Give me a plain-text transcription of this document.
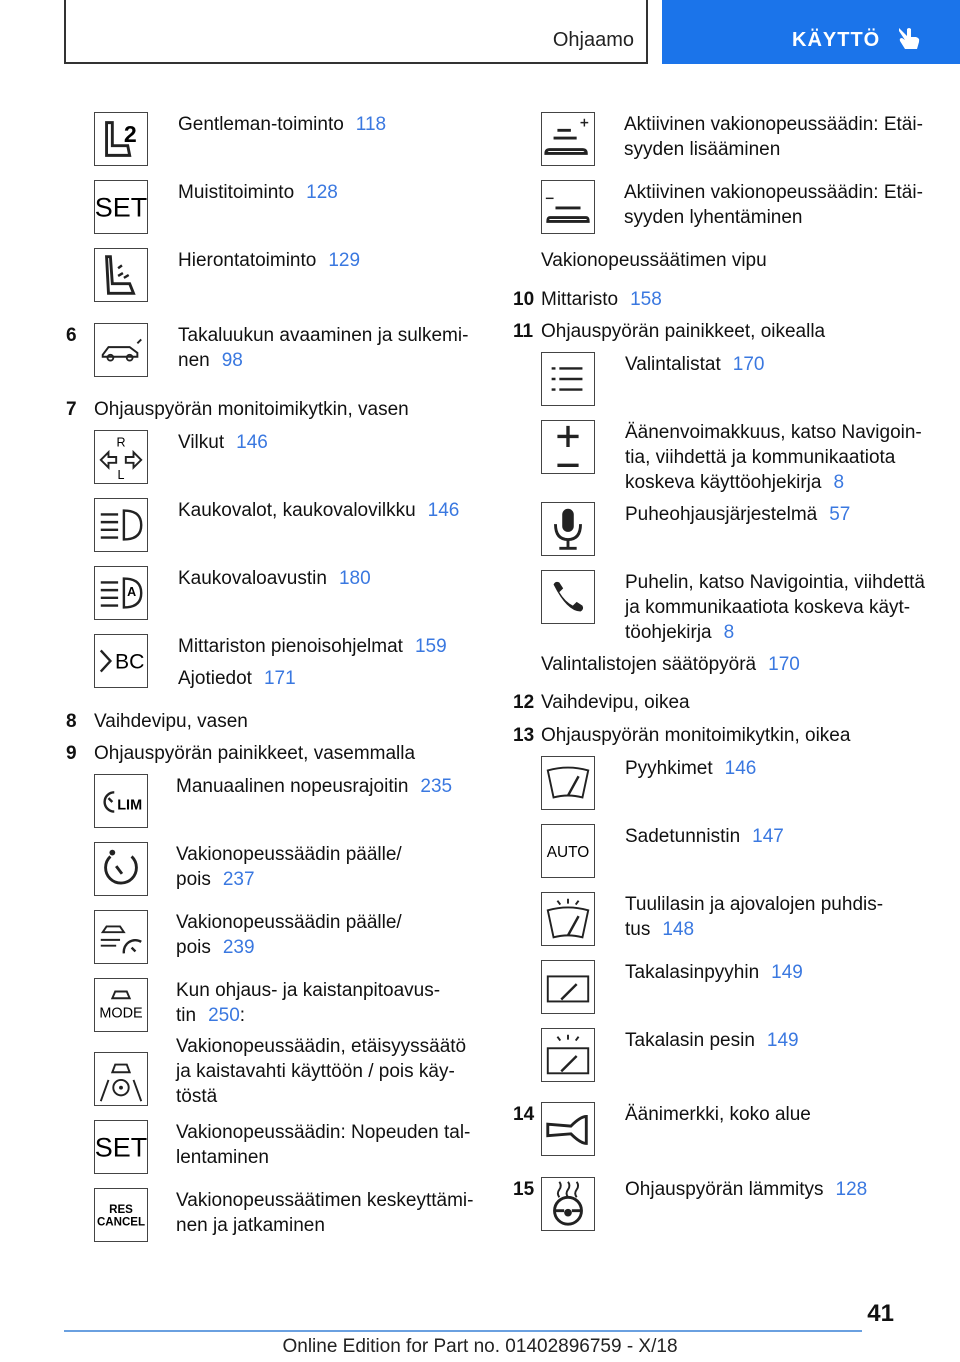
Ohjaamo	KÄYTTÖ
2 Gentleman-toiminto 118
SET
Muistitoiminto 128
Hierontatoiminto 129
6	Takaluukun avaaminen ja sulkemi-
nen 98
7 Ohjauspyörän monitoimikytkin, vasen
R
L
Vilkut 146
Kaukovalot, kaukovalovilkku 146
A
Kaukovaloavustin 180
BC
Mittariston pienoisohjelmat 159
Ajotiedot 171
8 Vaihdevipu, vasen
9 Ohjauspyörän painikkeet, vasemmalla
LIM
Manuaalinen nopeusrajoitin 235
Vakionopeussäädin päälle/
pois 237
Vakionopeussäädin päälle/
pois 239
MODE
Kun ohjaus- ja kaistanpitoavus-
tin 250:
Vakionopeussäädin, etäisyyssäätö
ja kaistavahti käyttöön / pois käy-
töstä
SET
Vakionopeussäädin: Nopeuden tal-
lentaminen
RES
CANCEL
Vakionopeussäätimen keskeyttämi-
nen ja jatkaminen
Aktiivinen vakionopeussäädin: Etäi-
syyden lisääminen
Aktiivinen vakionopeussäädin: Etäi-
syyden lyhentäminen
Vakionopeussäätimen vipu
10 Mittaristo 158
11 Ohjauspyörän painikkeet, oikealla
Valintalistat 170
Äänenvoimakkuus, katso Navigoin-
tia, viihdettä ja kommunikaatiota
koskeva käyttöohjekirja 8
Puheohjausjärjestelmä 57
Puhelin, katso Navigointia, viihdettä
ja kommunikaatiota koskeva käyt-
töohjekirja 8
Valintalistojen säätöpyörä 170
12 Vaihdevipu, oikea
13 Ohjauspyörän monitoimikytkin, oikea
Pyyhkimet 146
AUTO
Sadetunnistin 147
Tuulilasin ja ajovalojen puhdis-
tus 148
Takalasinpyyhin 149
Takalasin pesin 149
14	Äänimerkki, koko alue
15	Ohjauspyörän lämmitys 128
41
Online Edition for Part no. 01402896759 - X/18
